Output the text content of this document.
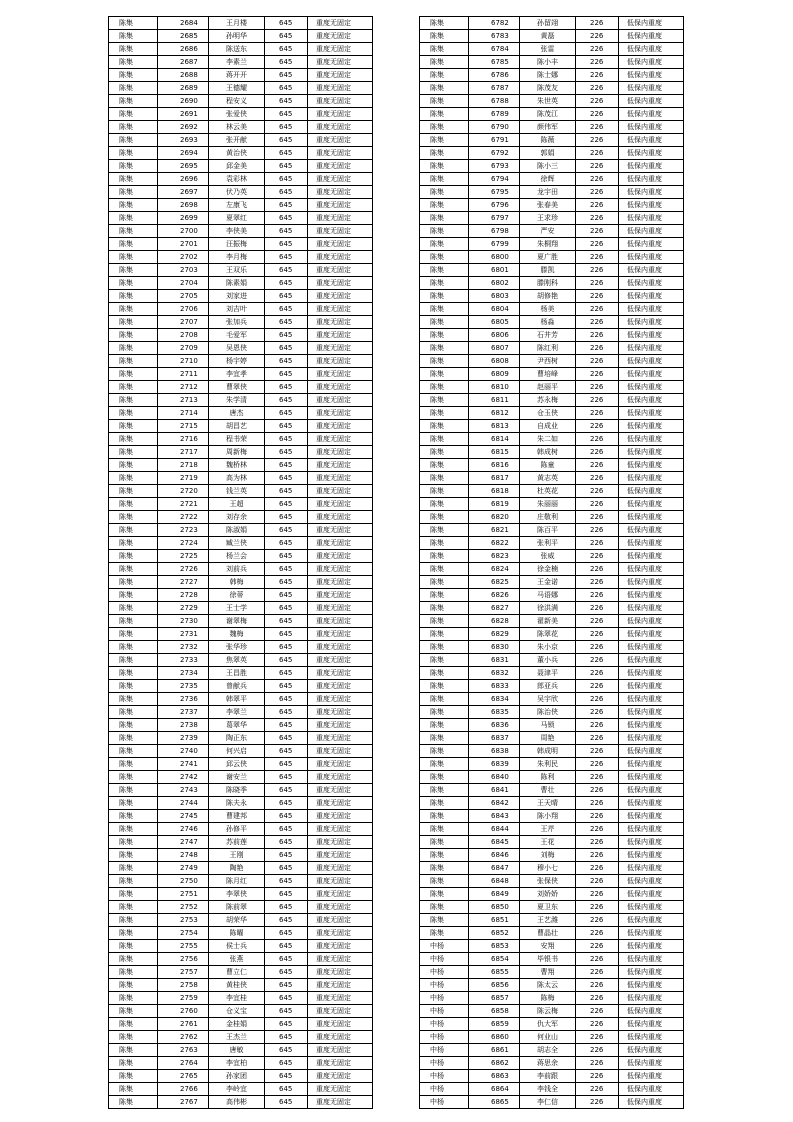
陈集	2684	王月楼	645	重度无固定
陈集	2685	孙明华	645	重度无固定
陈集	2686	陈送东	645	重度无固定
陈集	2687	李素兰	645	重度无固定
陈集	2688	蒋开开	645	重度无固定
陈集	2689	王德耀	645	重度无固定
陈集	2690	程安义	645	重度无固定
陈集	2691	张爱侠	645	重度无固定
陈集	2692	林云美	645	重度无固定
陈集	2693	张开献	645	重度无固定
陈集	2694	黄治侠	645	重度无固定
陈集	2695	邱金美	645	重度无固定
陈集	2696	袁彩林	645	重度无固定
陈集	2697	伏乃英	645	重度无固定
陈集	2698	左康飞	645	重度无固定
陈集	2699	夏翠红	645	重度无固定
陈集	2700	李侠美	645	重度无固定
陈集	2701	汪振梅	645	重度无固定
陈集	2702	李月梅	645	重度无固定
陈集	2703	王双乐	645	重度无固定
陈集	2704	陈素娟	645	重度无固定
陈集	2705	刘家进	645	重度无固定
陈集	2706	刘吉叶	645	重度无固定
陈集	2707	张加兵	645	重度无固定
陈集	2708	毛爱军	645	重度无固定
陈集	2709	吴恩侠	645	重度无固定
陈集	2710	杨宇婷	645	重度无固定
陈集	2711	李宜孝	645	重度无固定
陈集	2712	曹翠侠	645	重度无固定
陈集	2713	朱学清	645	重度无固定
陈集	2714	唐杰	645	重度无固定
陈集	2715	胡昌艺	645	重度无固定
陈集	2716	程书荣	645	重度无固定
陈集	2717	周新梅	645	重度无固定
陈集	2718	魏桥林	645	重度无固定
陈集	2719	高为林	645	重度无固定
陈集	2720	钱兰英	645	重度无固定
陈集	2721	王超	645	重度无固定
陈集	2722	刘存余	645	重度无固定
陈集	2723	陈淑娟	645	重度无固定
陈集	2724	臧兰侠	645	重度无固定
陈集	2725	杨兰会	645	重度无固定
陈集	2726	刘前兵	645	重度无固定
陈集	2727	韩梅	645	重度无固定
陈集	2728	徐蒂	645	重度无固定
陈集	2729	王士学	645	重度无固定
陈集	2730	谢翠梅	645	重度无固定
陈集	2731	魏梅	645	重度无固定
陈集	2732	张华珍	645	重度无固定
陈集	2733	焦翠英	645	重度无固定
陈集	2734	王昌胜	645	重度无固定
陈集	2735	曾献兵	645	重度无固定
陈集	2736	韩翠平	645	重度无固定
陈集	2737	李翠兰	645	重度无固定
陈集	2738	葛翠华	645	重度无固定
陈集	2739	陶正东	645	重度无固定
陈集	2740	何兴启	645	重度无固定
陈集	2741	邱云侠	645	重度无固定
陈集	2742	谢安兰	645	重度无固定
陈集	2743	陈晓季	645	重度无固定
陈集	2744	陈夫永	645	重度无固定
陈集	2745	曹建邦	645	重度无固定
陈集	2746	孙修平	645	重度无固定
陈集	2747	苏前莲	645	重度无固定
陈集	2748	王刚	645	重度无固定
陈集	2749	陶艳	645	重度无固定
陈集	2750	陈月红	645	重度无固定
陈集	2751	李翠侠	645	重度无固定
陈集	2752	陈前翠	645	重度无固定
陈集	2753	胡荣华	645	重度无固定
陈集	2754	陈曜	645	重度无固定
陈集	2755	侯士兵	645	重度无固定
陈集	2756	张燕	645	重度无固定
陈集	2757	曹立仁	645	重度无固定
陈集	2758	黄桂侠	645	重度无固定
陈集	2759	李宜桂	645	重度无固定
陈集	2760	仓义宝	645	重度无固定
陈集	2761	金桂娟	645	重度无固定
陈集	2762	王杰兰	645	重度无固定
陈集	2763	唐敏	645	重度无固定
陈集	2764	李宜柏	645	重度无固定
陈集	2765	孙家团	645	重度无固定
陈集	2766	李岭宜	645	重度无固定
陈集	2767	高伟彬	645	重度无固定
陈集	6782	孙留翊	226	低保内重度
陈集	6783	黄磊	226	低保内重度
陈集	6784	张雷	226	低保内重度
陈集	6785	陈小丰	226	低保内重度
陈集	6786	陈士娜	226	低保内重度
陈集	6787	陈茂友	226	低保内重度
陈集	6788	朱世英	226	低保内重度
陈集	6789	陈茂江	226	低保内重度
陈集	6790	颜伟军	226	低保内重度
陈集	6791	陈薇	226	低保内重度
陈集	6792	郭娟	226	低保内重度
陈集	6793	陈小三	226	低保内重度
陈集	6794	徐辉	226	低保内重度
陈集	6795	龙宇田	226	低保内重度
陈集	6796	张春美	226	低保内重度
陈集	6797	王求珍	226	低保内重度
陈集	6798	严安	226	低保内重度
陈集	6799	朱桐翔	226	低保内重度
陈集	6800	夏广胜	226	低保内重度
陈集	6801	滕凯	226	低保内重度
陈集	6802	滕刚科	226	低保内重度
陈集	6803	胡修艳	226	低保内重度
陈集	6804	杨美	226	低保内重度
陈集	6805	杨淼	226	低保内重度
陈集	6806	石井芳	226	低保内重度
陈集	6807	陈红利	226	低保内重度
陈集	6808	尹西树	226	低保内重度
陈集	6809	曹培峰	226	低保内重度
陈集	6810	赵丽平	226	低保内重度
陈集	6811	苏永梅	226	低保内重度
陈集	6812	仓玉侠	226	低保内重度
陈集	6813	自成业	226	低保内重度
陈集	6814	朱二如	226	低保内重度
陈集	6815	韩成树	226	低保内重度
陈集	6816	陈童	226	低保内重度
陈集	6817	黄志英	226	低保内重度
陈集	6818	杜英花	226	低保内重度
陈集	6819	朱丽丽	226	低保内重度
陈集	6820	庄敬利	226	低保内重度
陈集	6821	陈百平	226	低保内重度
陈集	6822	张利平	226	低保内重度
陈集	6823	张威	226	低保内重度
陈集	6824	徐金楠	226	低保内重度
陈集	6825	王金诺	226	低保内重度
陈集	6826	马语娜	226	低保内重度
陈集	6827	徐洪满	226	低保内重度
陈集	6828	翟新美	226	低保内重度
陈集	6829	陈翠花	226	低保内重度
陈集	6830	朱小京	226	低保内重度
陈集	6831	董小兵	226	低保内重度
陈集	6832	聂津平	226	低保内重度
陈集	6833	郎亚兵	226	低保内重度
陈集	6834	吴宇欣	226	低保内重度
陈集	6835	陈治侠	226	低保内重度
陈集	6836	马锁	226	低保内重度
陈集	6837	周艳	226	低保内重度
陈集	6838	韩成明	226	低保内重度
陈集	6839	朱利民	226	低保内重度
陈集	6840	陈利	226	低保内重度
陈集	6841	曹壮	226	低保内重度
陈集	6842	王天晴	226	低保内重度
陈集	6843	陈小翔	226	低保内重度
陈集	6844	王芹	226	低保内重度
陈集	6845	王花	226	低保内重度
陈集	6846	刘梅	226	低保内重度
陈集	6847	穆小七	226	低保内重度
陈集	6848	张保侠	226	低保内重度
陈集	6849	刘娇娇	226	低保内重度
陈集	6850	夏卫东	226	低保内重度
陈集	6851	王艺潍	226	低保内重度
陈集	6852	曹晶壮	226	低保内重度
中杨	6853	安翔	226	低保内重度
中杨	6854	毕银书	226	低保内重度
中杨	6855	曹翔	226	低保内重度
中杨	6856	陈太云	226	低保内重度
中杨	6857	陈梅	226	低保内重度
中杨	6858	陈云梅	226	低保内重度
中杨	6859	仇大军	226	低保内重度
中杨	6860	何业山	226	低保内重度
中杨	6861	胡志全	226	低保内重度
中杨	6862	蒋思余	226	低保内重度
中杨	6863	李前跟	226	低保内重度
中杨	6864	李钱全	226	低保内重度
中杨	6865	李仁信	226	低保内重度
